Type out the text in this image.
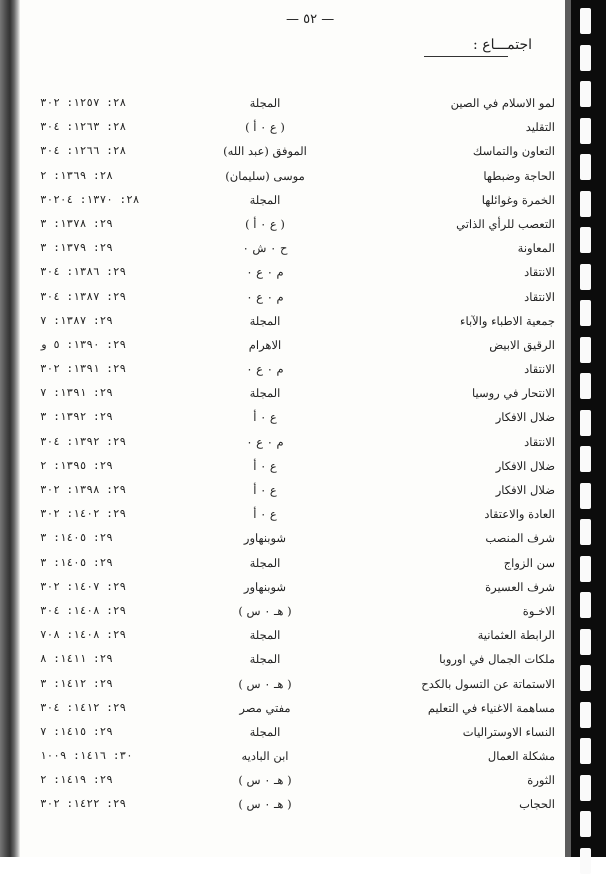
— ٥٢ —
اجتمـــاع :
٢٨: ١٢٥٧: ٣٠٢	المجلة	لمو الاسلام في الصين
٢٨: ١٢٦٣: ٣٠٤	( ع ٠ أ )	التقليد
٢٨: ١٢٦٦: ٣٠٤	الموفق (عبد الله)	التعاون والتماسك
٢٨: ١٣٦٩: ٢	موسى (سليمان)	الحاجة وضبطها
٢٨: ١٣٧٠: ٣٠٢٠٤	المجلة	الخمرة وغوائلها
٢٩: ١٣٧٨: ٣	( ع ٠ أ )	التعصب للرأي الذاتي
٢٩: ١٣٧٩: ٣	ح ٠ ش ٠	المعاونة
٢٩: ١٣٨٦: ٣٠٤	م ٠ ع ٠	الانتقاد
٢٩: ١٣٨٧: ٣٠٤	م ٠ ع ٠	الانتقاد
٢٩: ١٣٨٧: ٧	المجلة	جمعية الاطباء والآباء
٢٩: ١٣٩٠: ٥ و	الاهرام	الرقيق الابيض
٢٩: ١٣٩١: ٣٠٢	م ٠ ع ٠	الانتقاد
٢٩: ١٣٩١: ٧	المجلة	الانتحار في روسيا
٢٩: ١٣٩٢: ٣	ع ٠ أ	ضلال الافكار
٢٩: ١٣٩٢: ٣٠٤	م ٠ ع ٠	الانتقاد
٢٩: ١٣٩٥: ٢	ع ٠ أ	ضلال الافكار
٢٩: ١٣٩٨: ٣٠٢	ع ٠ أ	ضلال الافكار
٢٩: ١٤٠٢: ٣٠٢	ع ٠ أ	العادة والاعتقاد
٢٩: ١٤٠٥: ٣	شوبنهاور	شرف المنصب
٢٩: ١٤٠٥: ٣	المجلة	سن الزواج
٢٩: ١٤٠٧: ٣٠٢	شوبنهاور	شرف العسيرة
٢٩: ١٤٠٨: ٣٠٤	( هـ ٠ س )	الاخـوة
٢٩: ١٤٠٨: ٧٠٨	المجلة	الرابطة العثمانية
٢٩: ١٤١١: ٨	المجلة	ملكات الجمال في اوروبا
٢٩: ١٤١٢: ٣	( هـ ٠ س )	الاستماتة عن التسول بالكدح
٢٩: ١٤١٢: ٣٠٤	مفتي مصر	مساهمة الاغنياء في التعليم
٢٩: ١٤١٥: ٧	المجلة	النساء الاوستراليات
٣٠: ١٤١٦: ١٠٠٩	ابن الباديه	مشكلة العمال
٢٩: ١٤١٩: ٢	( هـ ٠ س )	الثورة
٢٩: ١٤٢٢: ٣٠٢	( هـ ٠ س )	الحجاب
